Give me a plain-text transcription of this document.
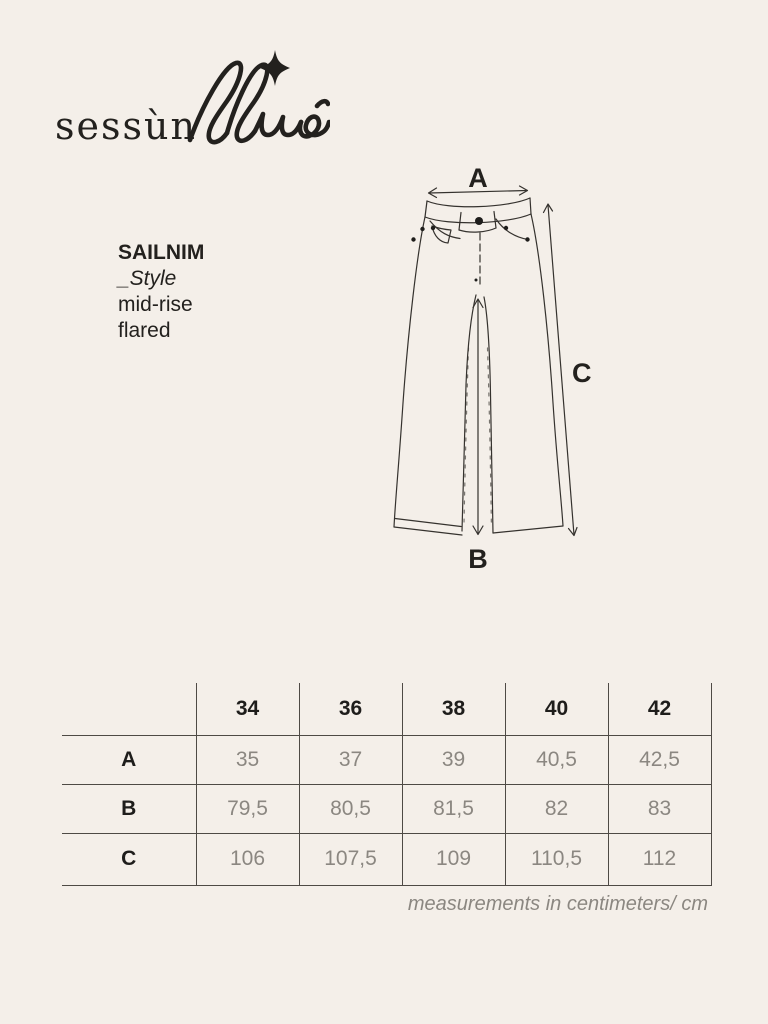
sessùn
SAILNIM
_Style
mid-rise
flared
A
B
C
	34	36	38	40	42
A	35	37	39	40,5	42,5
B	79,5	80,5	81,5	82	83
C	106	107,5	109	110,5	112
measurements in centimeters/ cm
